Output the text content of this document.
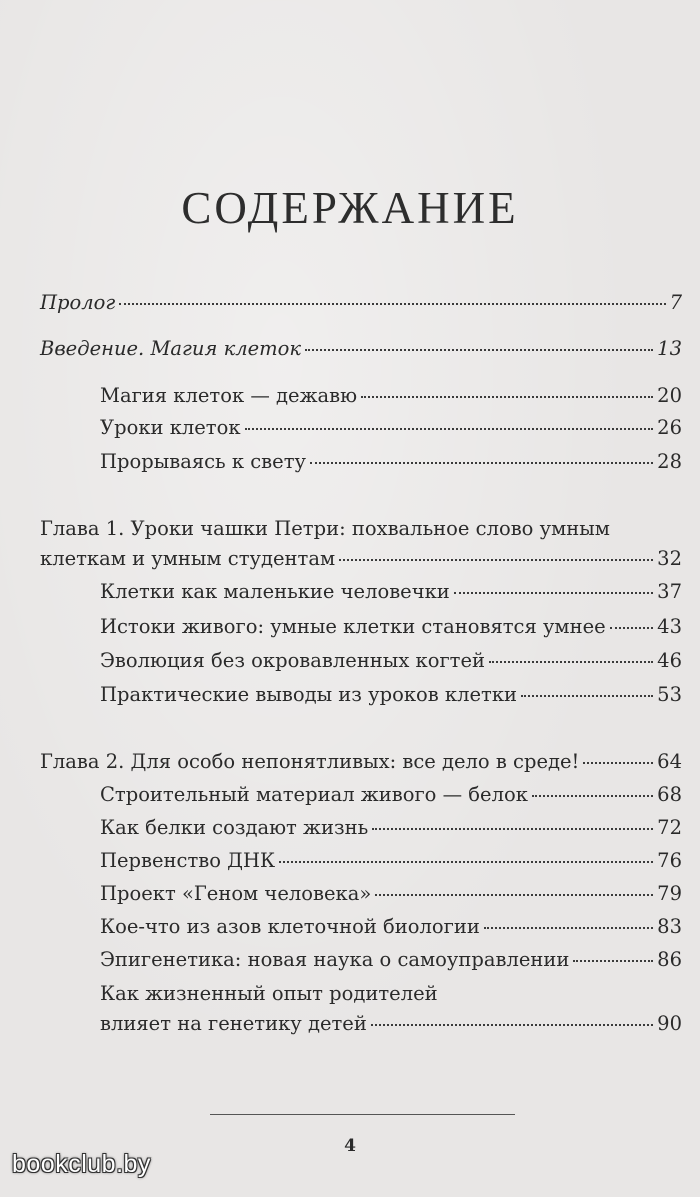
СОДЕРЖАНИЕ
Пролог	7
Введение. Магия клеток	13
Магия клеток — дежавю	20
Уроки клеток	26
Прорываясь к свету	28
Глава 1. Уроки чашки Петри: похвальное слово умным
клеткам и умным студентам	32
Клетки как маленькие человечки	37
Истоки живого: умные клетки становятся умнее	43
Эволюция без окровавленных когтей	46
Практические выводы из уроков клетки	53
Глава 2. Для особо непонятливых: все дело в среде!	64
Строительный материал живого — белок	68
Как белки создают жизнь	72
Первенство ДНК	76
Проект «Геном человека»	79
Кое-что из азов клеточной биологии	83
Эпигенетика: новая наука о самоуправлении	86
Как жизненный опыт родителей
влияет на генетику детей	90
4
bookclub.by
